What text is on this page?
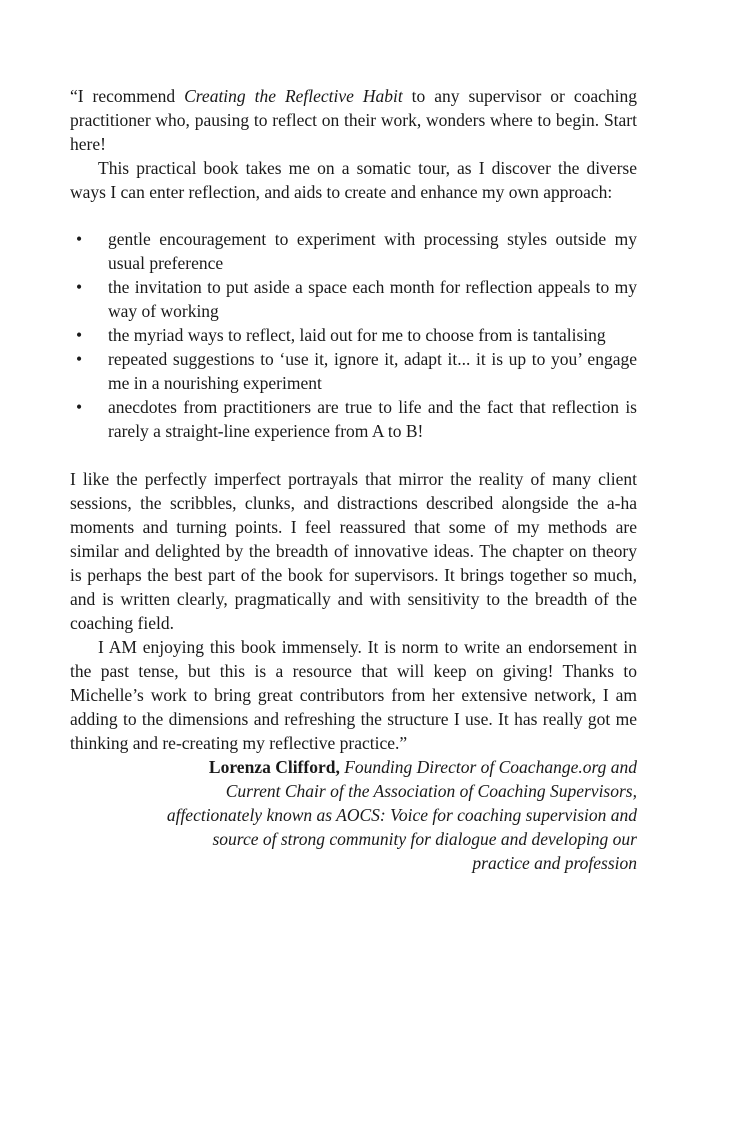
“I recommend Creating the Reflective Habit to any supervisor or coaching practitioner who, pausing to reflect on their work, wonders where to begin. Start here!

This practical book takes me on a somatic tour, as I discover the diverse ways I can enter reflection, and aids to create and enhance my own approach:

• gentle encouragement to experiment with processing styles outside my usual preference
• the invitation to put aside a space each month for reflection appeals to my way of working
• the myriad ways to reflect, laid out for me to choose from is tantalising
• repeated suggestions to ‘use it, ignore it, adapt it... it is up to you’ engage me in a nourishing experiment
• anecdotes from practitioners are true to life and the fact that reflection is rarely a straight-line experience from A to B!

I like the perfectly imperfect portrayals that mirror the reality of many client sessions, the scribbles, clunks, and distractions described alongside the a-ha moments and turning points. I feel reassured that some of my methods are similar and delighted by the breadth of innovative ideas. The chapter on theory is perhaps the best part of the book for supervisors. It brings together so much, and is written clearly, pragmatically and with sensitivity to the breadth of the coaching field.

I AM enjoying this book immensely. It is norm to write an endorsement in the past tense, but this is a resource that will keep on giving! Thanks to Michelle’s work to bring great contributors from her extensive network, I am adding to the dimensions and refreshing the structure I use. It has really got me thinking and re-creating my reflective practice.”

Lorenza Clifford, Founding Director of Coachange.org and Current Chair of the Association of Coaching Supervisors, affectionately known as AOCS: Voice for coaching supervision and source of strong community for dialogue and developing our practice and profession
